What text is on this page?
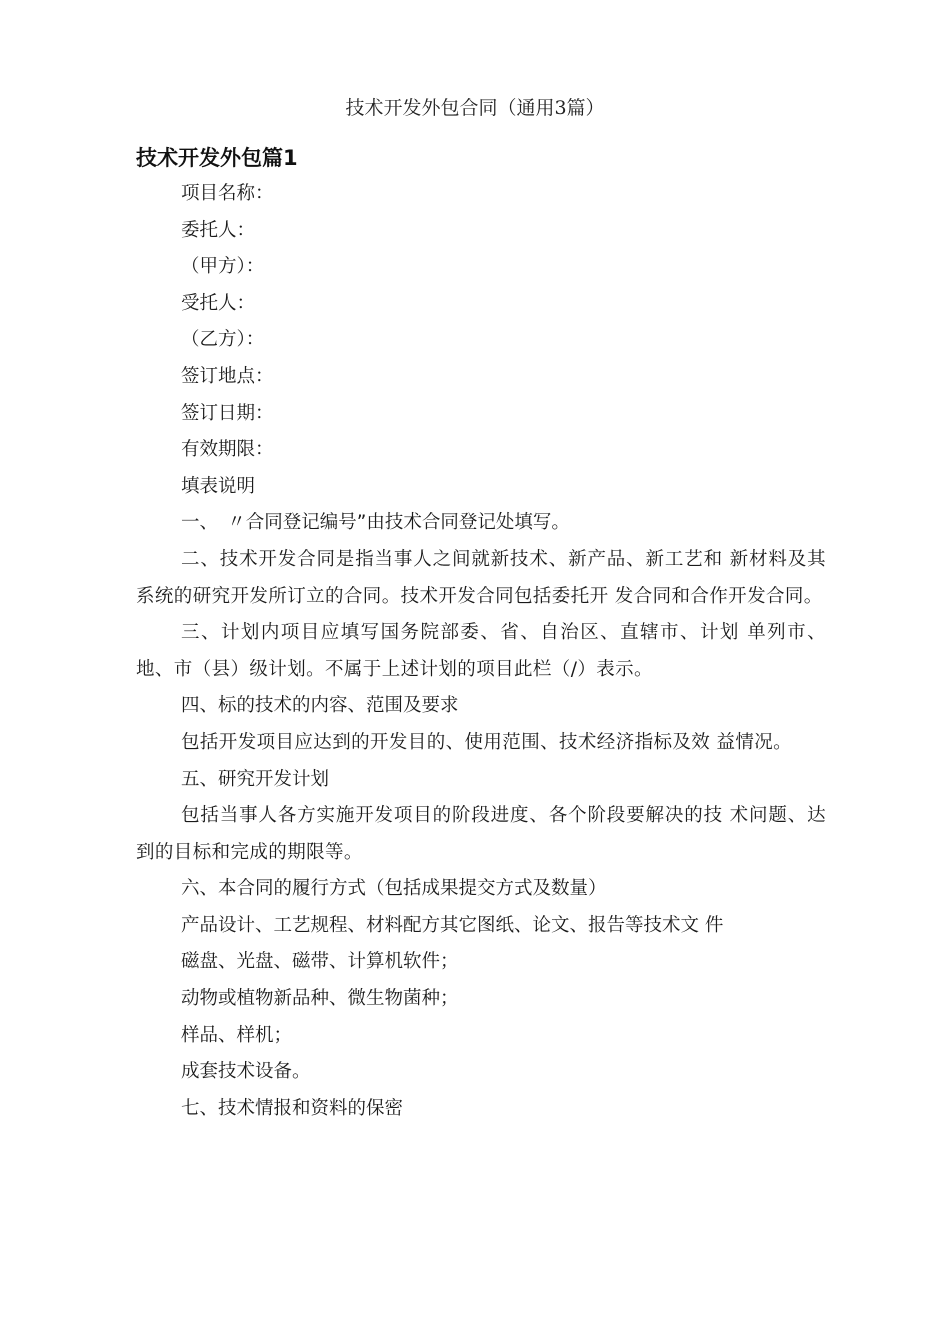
技术开发外包合同（通用3篇）
技术开发外包篇1

项目名称：

委托人：

（甲方）：

受托人：

（乙方）：

签订地点：

签订日期：

有效期限：

填表说明

一、　〃合同登记编号”由技术合同登记处填写。

二、技术开发合同是指当事人之间就新技术、新产品、新工艺和 新材料及其系统的研究开发所订立的合同。技术开发合同包括委托开 发合同和合作开发合同。

三、计划内项目应填写国务院部委、省、自治区、直辖市、计划 单列市、地、市（县）级计划。不属于上述计划的项目此栏（/）表示。

四、标的技术的内容、范围及要求

包括开发项目应达到的开发目的、使用范围、技术经济指标及效 益情况。

五、研究开发计划

包括当事人各方实施开发项目的阶段进度、各个阶段要解决的技 术问题、达到的目标和完成的期限等。

六、本合同的履行方式（包括成果提交方式及数量）

产品设计、工艺规程、材料配方其它图纸、论文、报告等技术文 件

磁盘、光盘、磁带、计算机软件；

动物或植物新品种、微生物菌种；

样品、样机；

成套技术设备。

七、技术情报和资料的保密
